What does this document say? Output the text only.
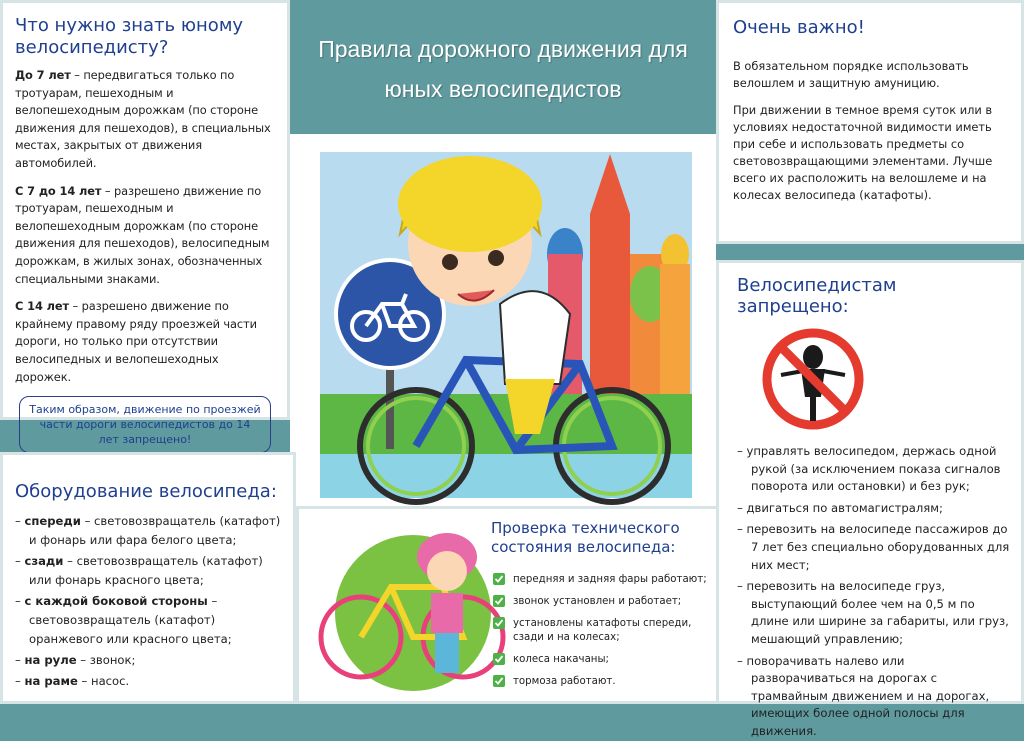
Правила дорожного движения для
юных велосипедистов
Что нужно знать юному
велосипедисту?

До 7 лет – передвигаться только по тротуарам, пешеходным и велопешеходным дорожкам (по стороне движения для пешеходов), в специальных местах, закрытых от движения автомобилей.

С 7 до 14 лет – разрешено движение по тротуарам, пешеходным и велопешеходным дорожкам (по стороне движения для пешеходов), велосипедным дорожкам, в жилых зонах, обозначенных специальными знаками.

С 14 лет – разрешено движение по крайнему правому ряду проезжей части дороги, но только при отсутствии велосипедных и велопешеходных дорожек.

Таким образом, движение по проезжей части дороги велосипедистов до 14 лет запрещено!
Очень важно!

В обязательном порядке использовать велошлем и защитную амуницию.

При движении в темное время суток или в условиях недостаточной видимости иметь при себе и использовать предметы со световозвращающими элементами. Лучше всего их расположить на велошлеме и на колесах велосипеда (катафоты).

Оборудование велосипеда:
– спереди – световозвращатель (катафот) и фонарь или фара белого цвета;
– сзади – световозвращатель (катафот) или фонарь красного цвета;
– с каждой боковой стороны – световозвращатель (катафот) оранжевого или красного цвета;
– на руле – звонок;
– на раме – насос.
Проверка технического
состояния велосипеда:
передняя и задняя фары работают;
звонок установлен и работает;
установлены катафоты спереди, сзади и на колесах;
колеса накачаны;
тормоза работают.
Велосипедистам запрещено:
– управлять велосипедом, держась одной рукой (за исключением показа сигналов поворота или остановки) и без рук;
– двигаться по автомагистралям;
– перевозить на велосипеде пассажиров до 7 лет без специально оборудованных для них мест;
– перевозить на велосипеде груз, выступающий более чем на 0,5 м по длине или ширине за габариты, или груз, мешающий управлению;
– поворачивать налево или разворачиваться на дорогах с трамвайным движением и на дорогах, имеющих более одной полосы для движения.
